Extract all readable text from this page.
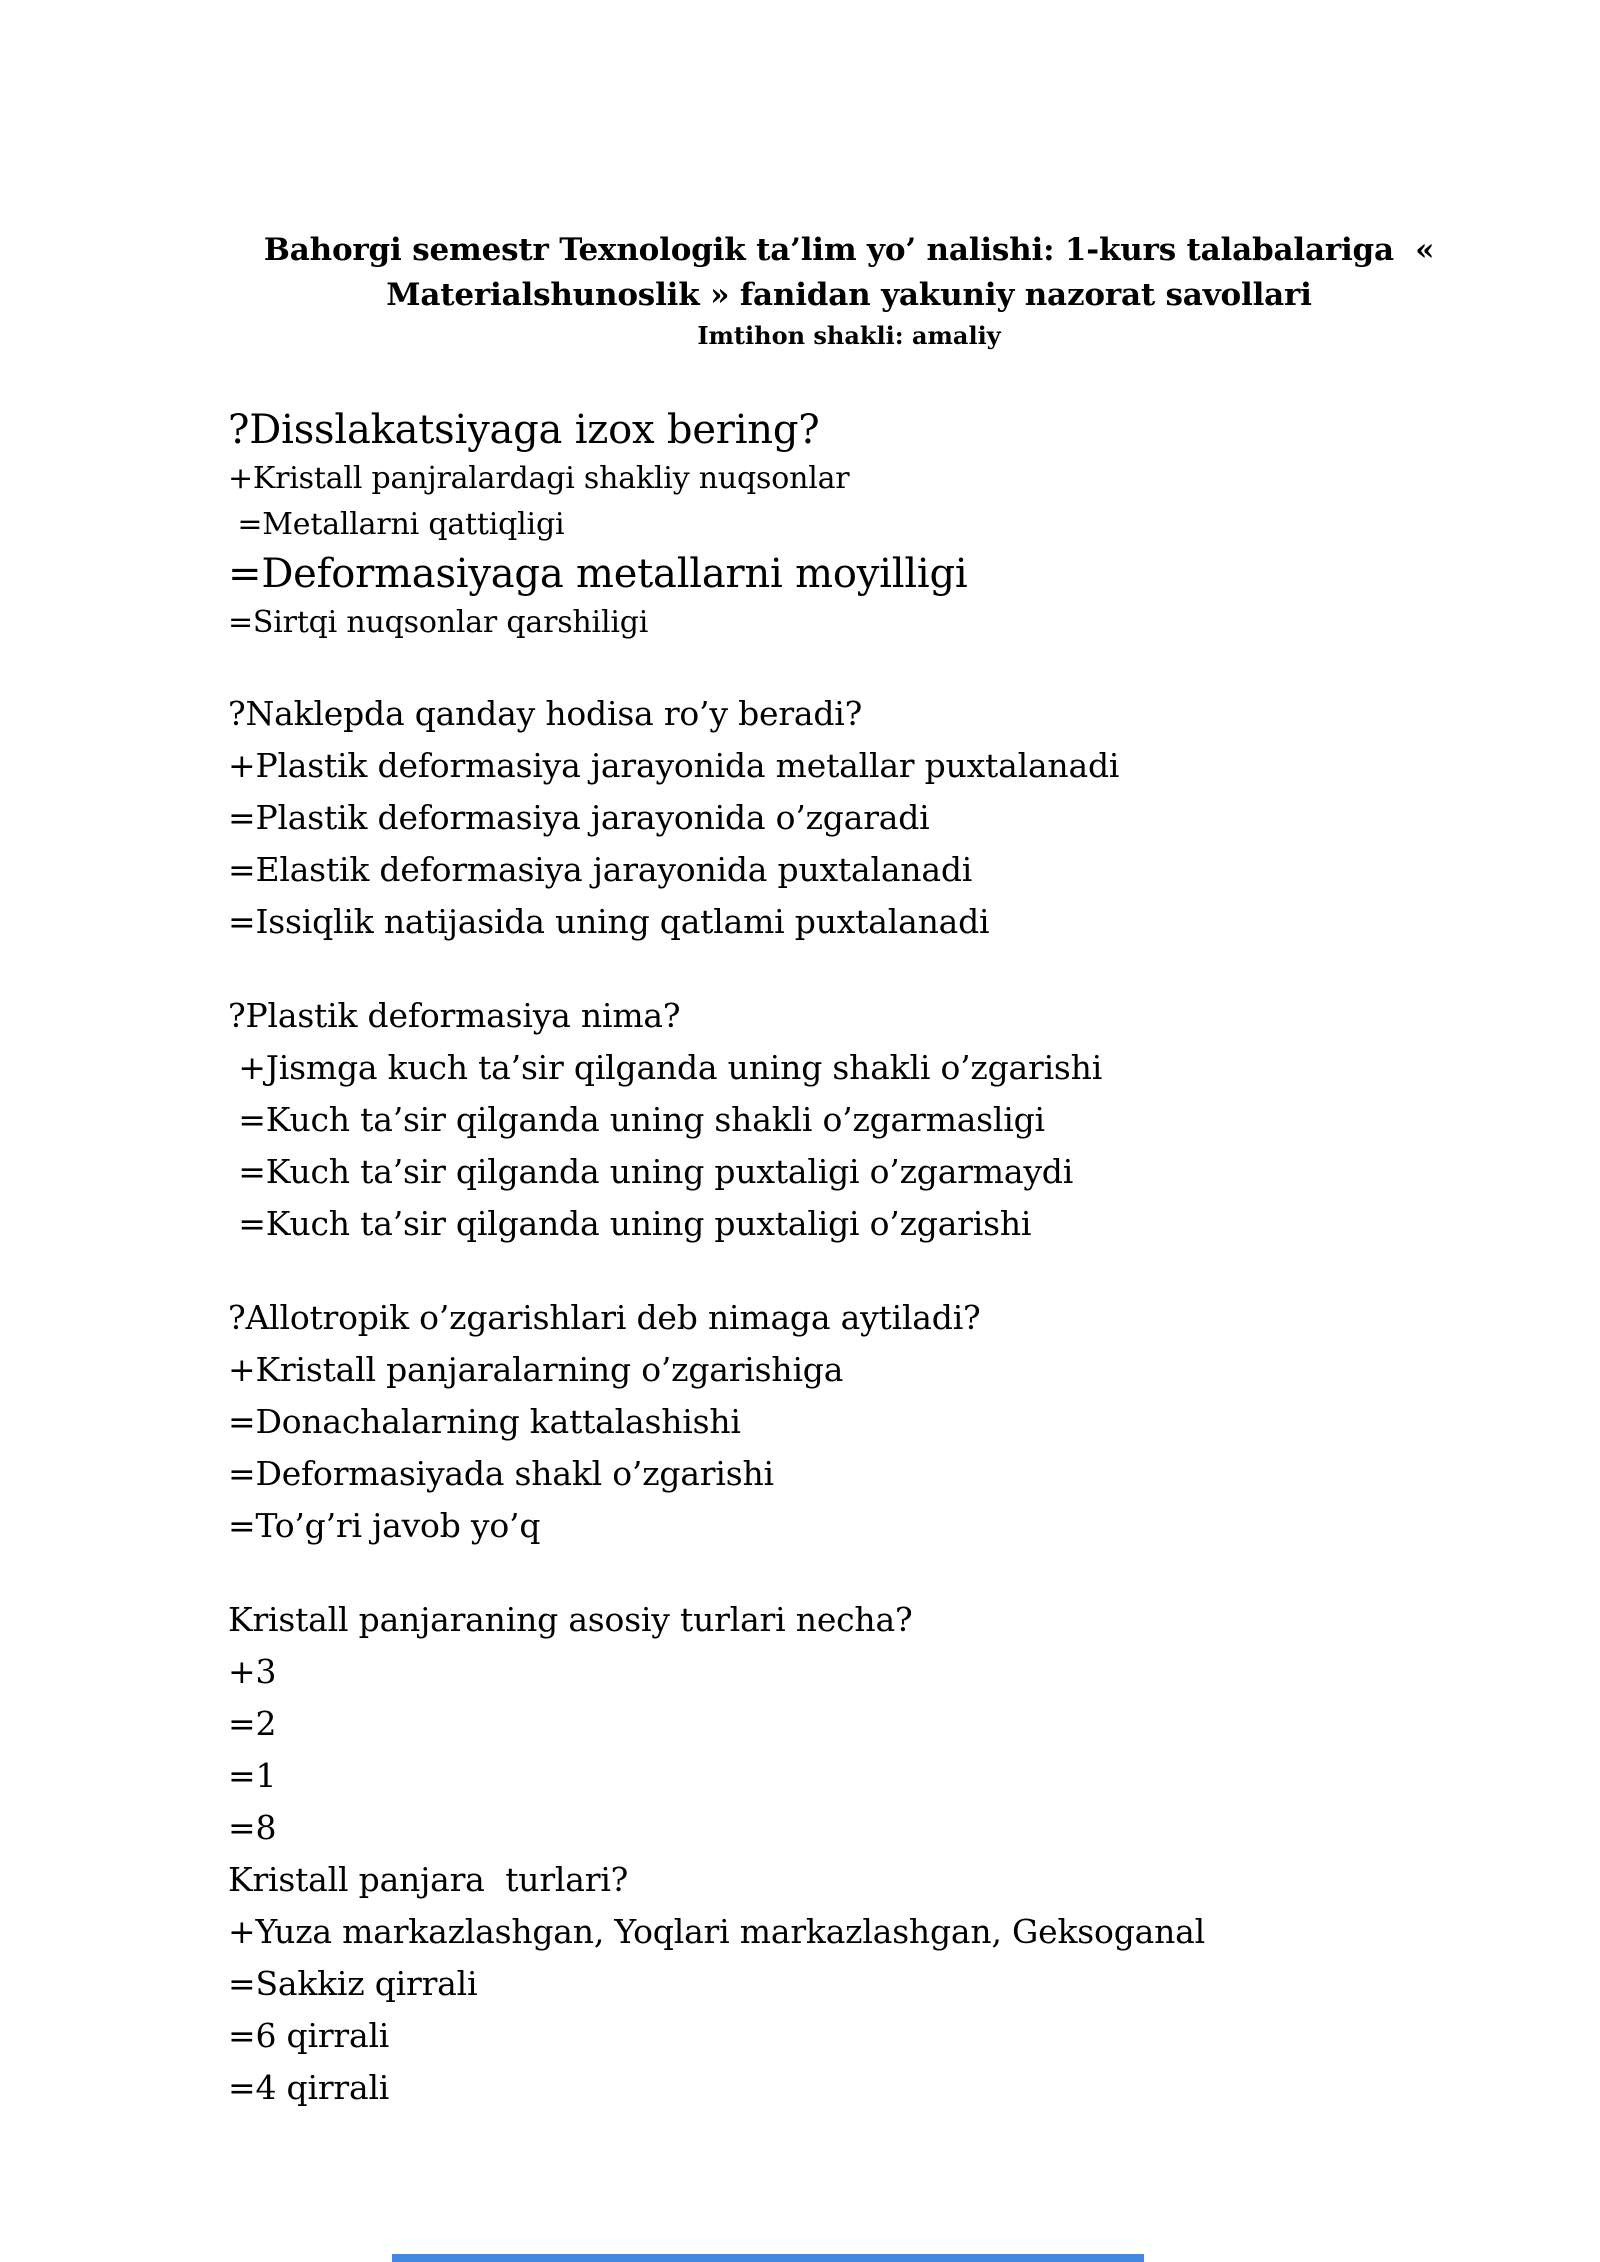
Bahorgi semestr Texnologik ta’lim yo’ nalishi: 1-kurs talabalariga  «
Materialshunoslik » fanidan yakuniy nazorat savollari
Imtihon shakli: amaliy
?Disslakatsiyaga izox bering?
+Kristall panjralardagi shakliy nuqsonlar
=Metallarni qattiqligi
=Deformasiyaga metallarni moyilligi
=Sirtqi nuqsonlar qarshiligi
?Naklepda qanday hodisa ro’y beradi?
+Plastik deformasiya jarayonida metallar puxtalanadi
=Plastik deformasiya jarayonida o’zgaradi
=Elastik deformasiya jarayonida puxtalanadi
=Issiqlik natijasida uning qatlami puxtalanadi
?Plastik deformasiya nima?
+Jismga kuch ta’sir qilganda uning shakli o’zgarishi
=Kuch ta’sir qilganda uning shakli o’zgarmasligi
=Kuch ta’sir qilganda uning puxtaligi o’zgarmaydi
=Kuch ta’sir qilganda uning puxtaligi o’zgarishi
?Allotropik o’zgarishlari deb nimaga aytiladi?
+Kristall panjaralarning o’zgarishiga
=Donachalarning kattalashishi
=Deformasiyada shakl o’zgarishi
=To’g’ri javob yo’q
Kristall panjaraning asosiy turlari necha?
+3
=2
=1
=8
Kristall panjara  turlari?
+Yuza markazlashgan, Yoqlari markazlashgan, Geksoganal
=Sakkiz qirrali
=6 qirrali
=4 qirrali
